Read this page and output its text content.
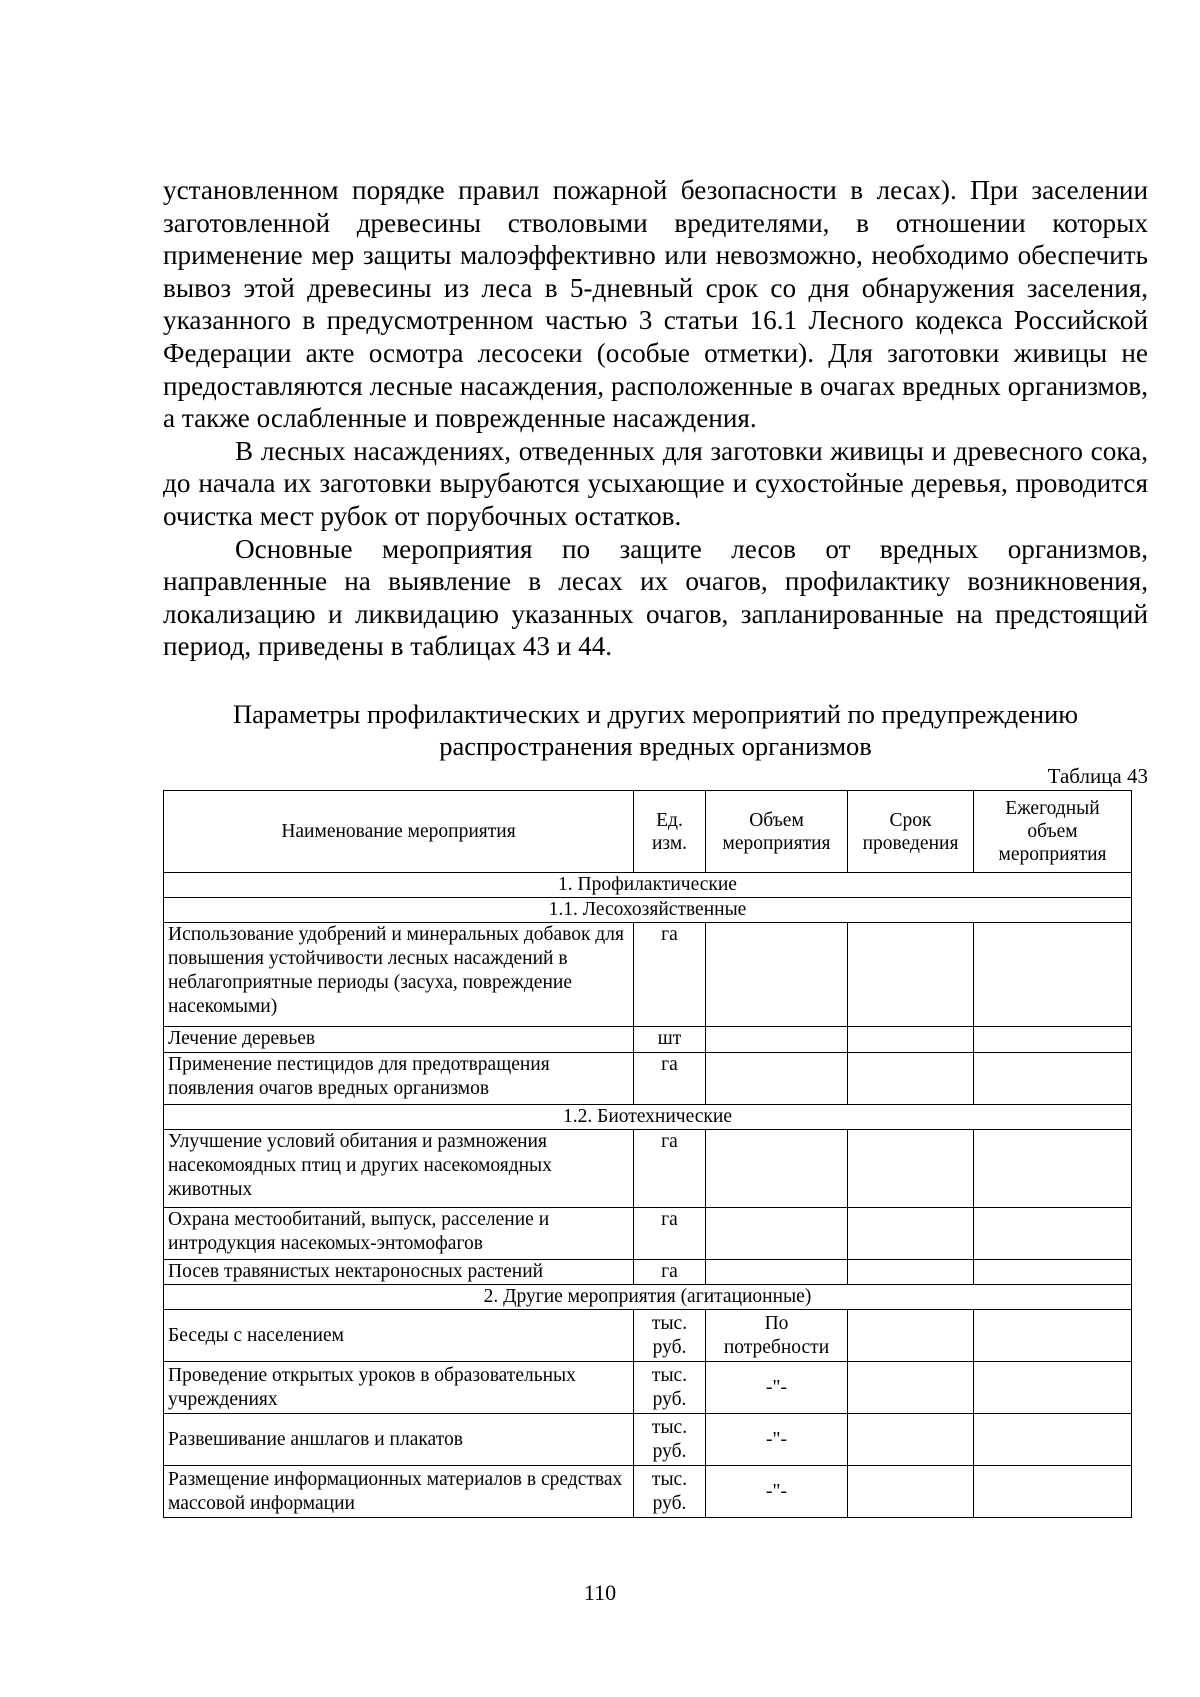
установленном порядке правил пожарной безопасности в лесах). При заселении заготовленной древесины стволовыми вредителями, в отношении которых применение мер защиты малоэффективно или невозможно, необходимо обеспечить вывоз этой древесины из леса в 5-дневный срок со дня обнаружения заселения, указанного в предусмотренном частью 3 статьи 16.1 Лесного кодекса Российской Федерации акте осмотра лесосеки (особые отметки). Для заготовки живицы не предоставляются лесные насаждения, расположенные в очагах вредных организмов, а также ослабленные и поврежденные насаждения.

В лесных насаждениях, отведенных для заготовки живицы и древесного сока, до начала их заготовки вырубаются усыхающие и сухостойные деревья, проводится очистка мест рубок от порубочных остатков.

Основные мероприятия по защите лесов от вредных организмов, направленные на выявление в лесах их очагов, профилактику возникновения, локализацию и ликвидацию указанных очагов, запланированные на предстоящий период, приведены в таблицах 43 и 44.

Параметры профилактических и других мероприятий по предупреждению
распространения вредных организмов
Таблица 43
Наименование мероприятия	Ед. изм.	Объем мероприятия	Срок проведения	Ежегодный объем мероприятия
1. Профилактические				
1.1. Лесохозяйственные				
Использование удобрений и минеральных добавок для повышения устойчивости лесных насаждений в неблагоприятные периоды (засуха, повреждение насекомыми)	га			
Лечение деревьев	шт			
Применение пестицидов для предотвращения появления очагов вредных организмов	га			
1.2. Биотехнические				
Улучшение условий обитания и размножения насекомоядных птиц и других насекомоядных животных	га			
Охрана местообитаний, выпуск, расселение и интродукция насекомых-энтомофагов	га			
Посев травянистых нектароносных растений	га			
2. Другие мероприятия (агитационные)				
Беседы с населением	тыс. руб.	По потребности		
Проведение открытых уроков в образовательных учреждениях	тыс. руб.	-"-		
Развешивание аншлагов и плакатов	тыс. руб.	-"-		
Размещение информационных материалов в средствах массовой информации	тыс. руб.	-"-		
110
